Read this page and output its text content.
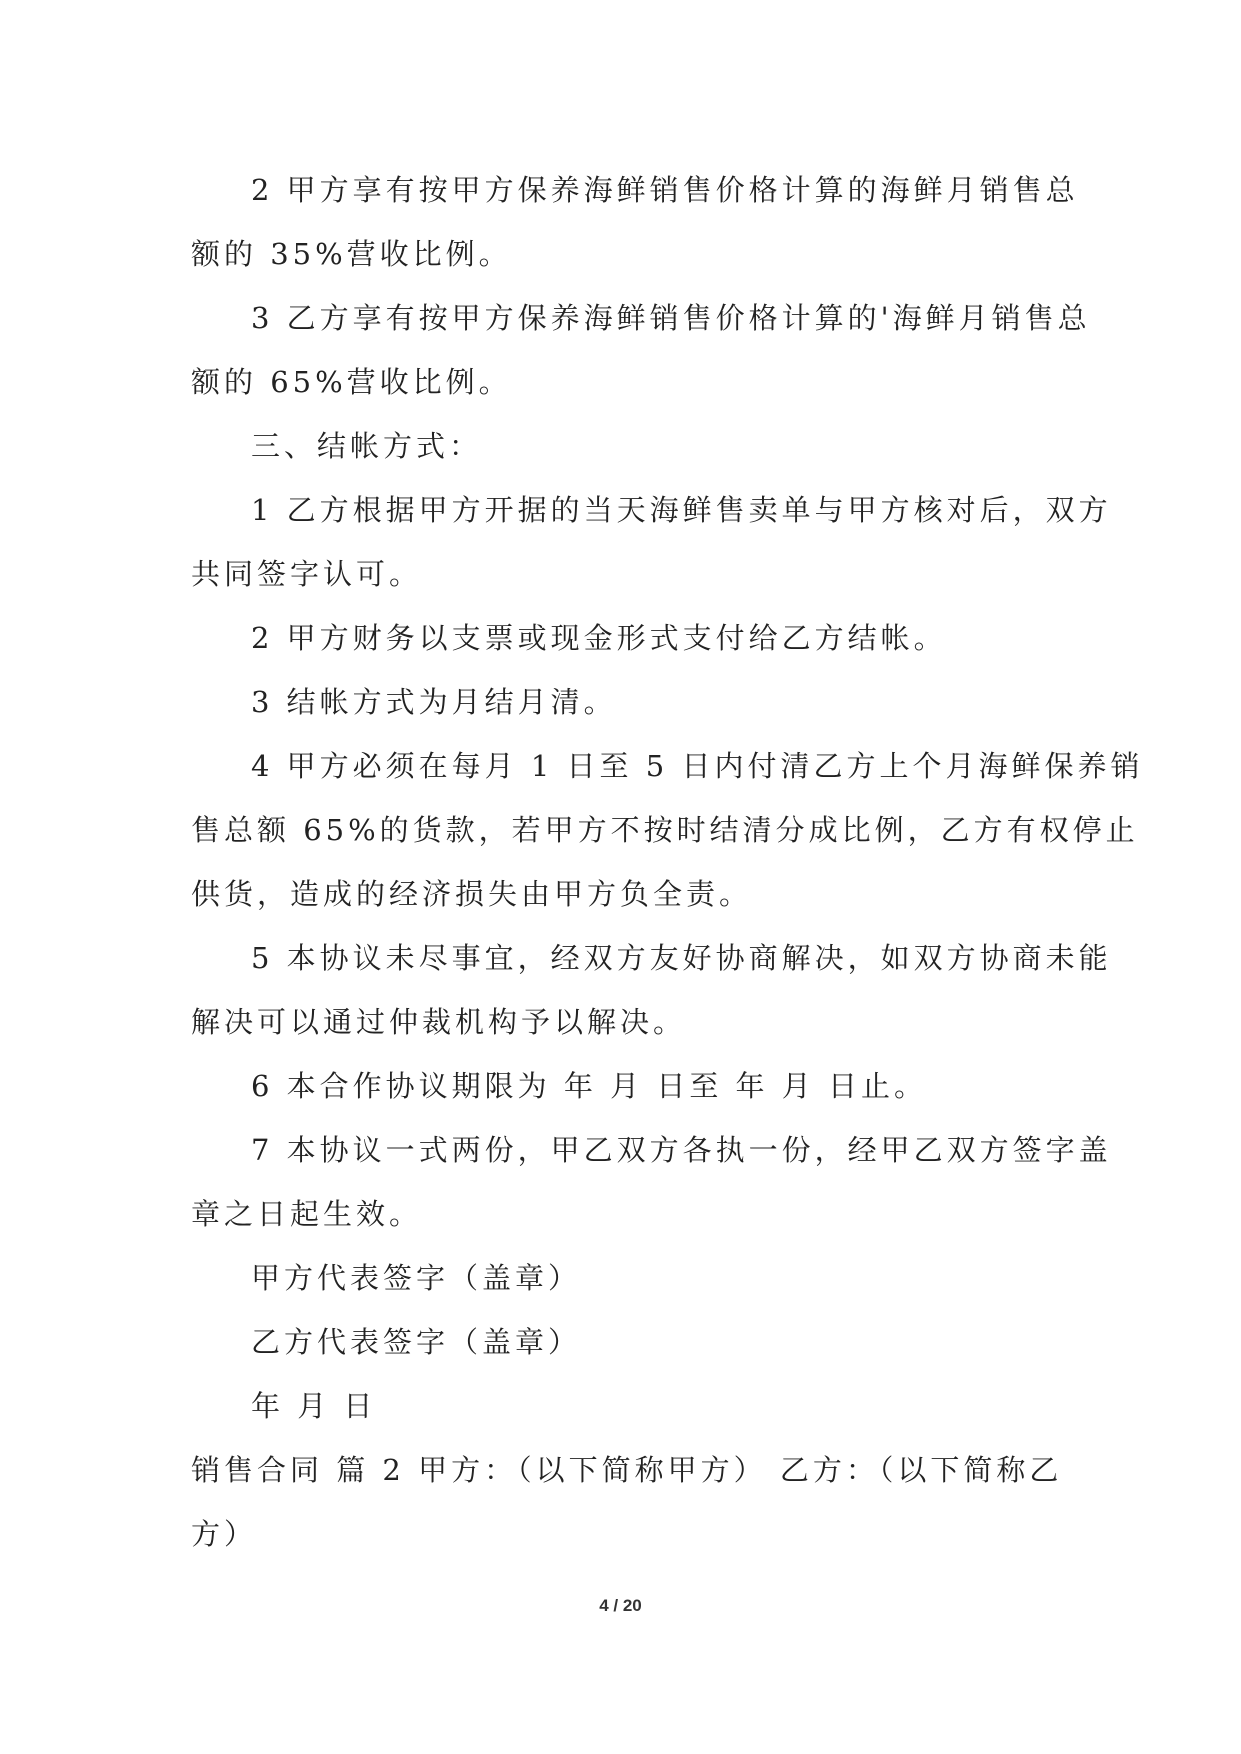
2 甲方享有按甲方保养海鲜销售价格计算的海鲜月销售总
额的 35%营收比例。
3 乙方享有按甲方保养海鲜销售价格计算的'海鲜月销售总
额的 65%营收比例。
三、结帐方式：
1 乙方根据甲方开据的当天海鲜售卖单与甲方核对后，双方
共同签字认可。
2 甲方财务以支票或现金形式支付给乙方结帐。
3 结帐方式为月结月清。
4 甲方必须在每月 1 日至 5 日内付清乙方上个月海鲜保养销
售总额 65%的货款，若甲方不按时结清分成比例，乙方有权停止
供货，造成的经济损失由甲方负全责。
5 本协议未尽事宜，经双方友好协商解决，如双方协商未能
解决可以通过仲裁机构予以解决。
6 本合作协议期限为 年 月 日至 年 月 日止。
7 本协议一式两份，甲乙双方各执一份，经甲乙双方签字盖
章之日起生效。
甲方代表签字（盖章）
乙方代表签字（盖章）
年 月 日
销售合同 篇 2 甲方：（以下简称甲方） 乙方：（以下简称乙
方）
4 / 20
